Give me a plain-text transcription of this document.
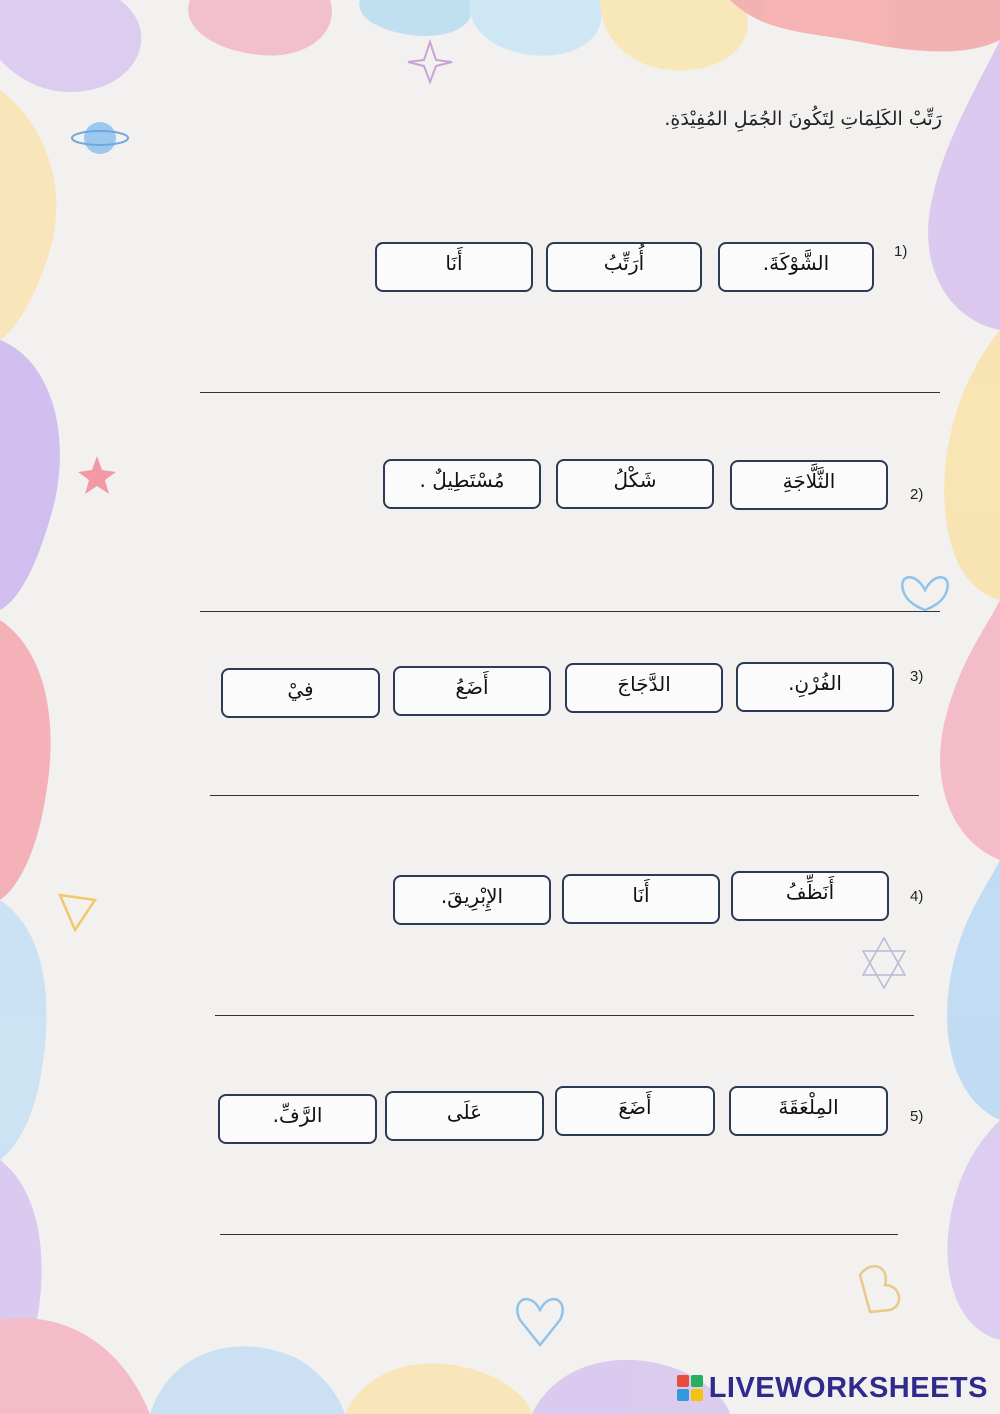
رَتِّبْ الكَلِمَاتِ لِتَكُونَ الجُمَلِ المُفِيْدَةِ.
1)
الشَّوْكَةَ.
أُرَتِّبُ
أَنَا
2)
الثَّلَّاجَةِ
شَكْلُ
مُسْتَطِيلٌ .
3)
الفُرْنِ.
الدَّجَاجَ
أَضَعُ
فِيْ
4)
أَنَظِّفُ
أَنَا
الإِبْرِيقَ.
5)
المِلْعَقَةَ
أَضَعَ
عَلَى
الرَّفِّ.
LIVEWORKSHEETS
